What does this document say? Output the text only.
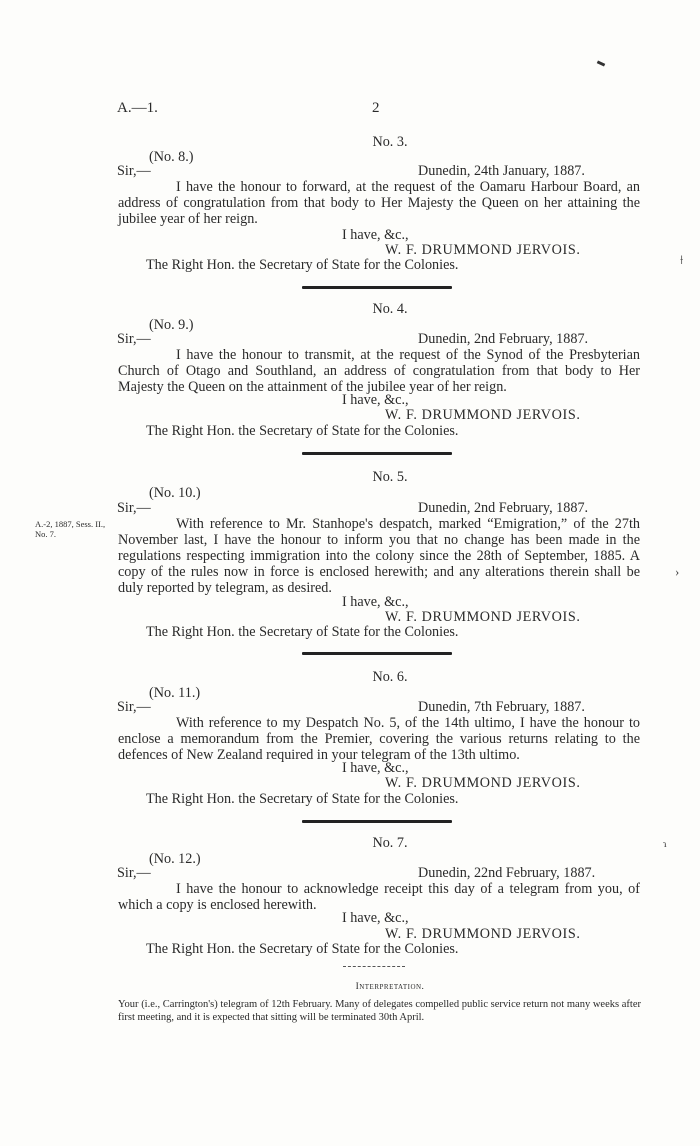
A.—1.	2
No. 3.
(No. 8.)
Sir,—	Dunedin, 24th January, 1887.
I have the honour to forward, at the request of the Oamaru Harbour Board, an address of congratulation from that body to Her Majesty the Queen on her attaining the jubilee year of her reign.
I have, &c.,
W. F. DRUMMOND JERVOIS.
The Right Hon. the Secretary of State for the Colonies.	⟊
No. 4.
(No. 9.)
Sir,—	Dunedin, 2nd February, 1887.
I have the honour to transmit, at the request of the Synod of the Presbyterian Church of Otago and Southland, an address of congratulation from that body to Her Majesty the Queen on the attainment of the jubilee year of her reign.
I have, &c.,
W. F. DRUMMOND JERVOIS.
The Right Hon. the Secretary of State for the Colonies.
No. 5.
(No. 10.)
Sir,—	Dunedin, 2nd February, 1887.
A.-2, 1887, Sess. II., No. 7.
With reference to Mr. Stanhope's despatch, marked “Emigration,” of the 27th November last, I have the honour to inform you that no change has been made in the regulations respecting immigration into the colony since the 28th of September, 1885. A copy of the rules now in force is enclosed herewith; and any alterations therein shall be duly reported by telegram, as desired.
I have, &c.,
W. F. DRUMMOND JERVOIS.
The Right Hon. the Secretary of State for the Colonies.
›
No. 6.
(No. 11.)
Sir,—	Dunedin, 7th February, 1887.
With reference to my Despatch No. 5, of the 14th ultimo, I have the honour to enclose a memorandum from the Premier, covering the various returns relating to the defences of New Zealand required in your telegram of the 13th ultimo.
I have, &c.,
W. F. DRUMMOND JERVOIS.
The Right Hon. the Secretary of State for the Colonies.
No. 7.
(No. 12.)
Sir,—	Dunedin, 22nd February, 1887.
I have the honour to acknowledge receipt this day of a telegram from you, of which a copy is enclosed herewith.
I have, &c.,
W. F. DRUMMOND JERVOIS.
The Right Hon. the Secretary of State for the Colonies.
ɿ
Interpretation.
Your (i.e., Carrington's) telegram of 12th February. Many of delegates compelled public service return not many weeks after first meeting, and it is expected that sitting will be terminated 30th April.
